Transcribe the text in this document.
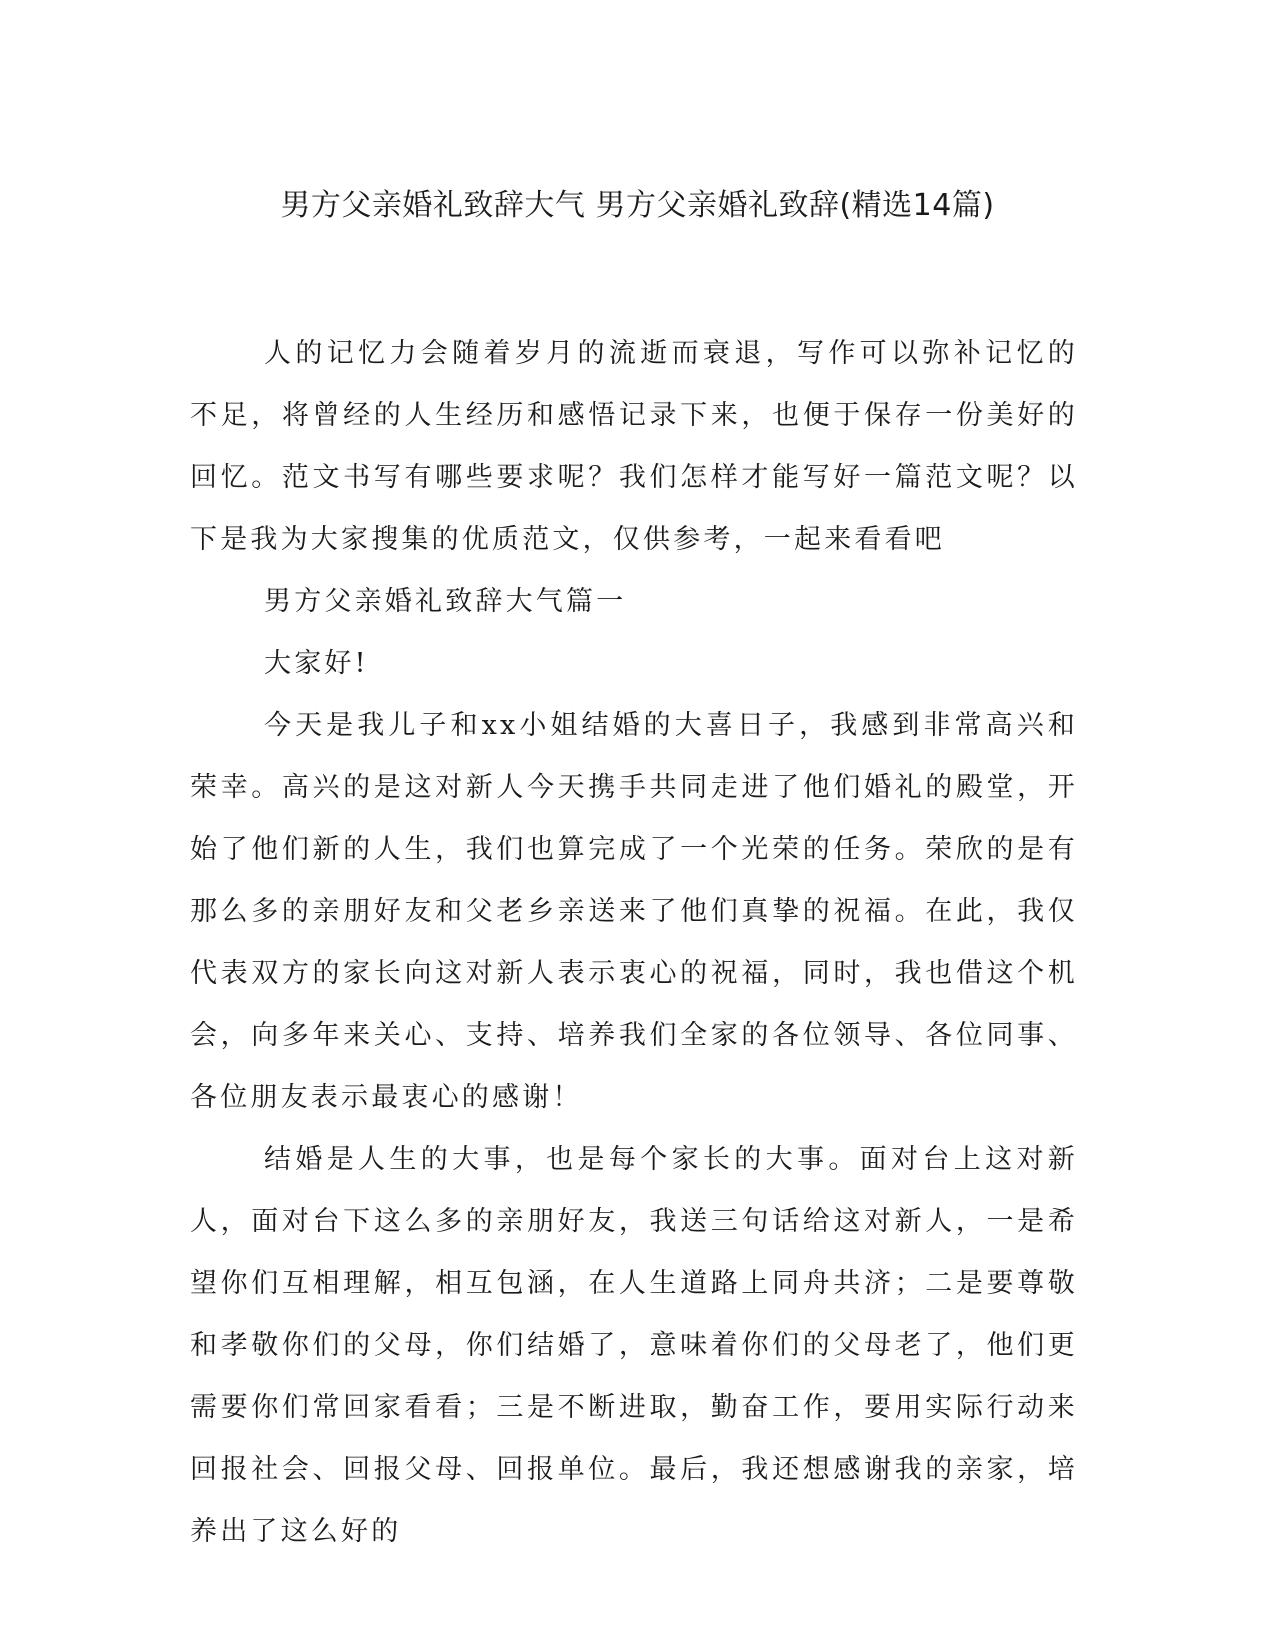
男方父亲婚礼致辞大气 男方父亲婚礼致辞(精选14篇)

人的记忆力会随着岁月的流逝而衰退，写作可以弥补记忆的不足，将曾经的人生经历和感悟记录下来，也便于保存一份美好的回忆。范文书写有哪些要求呢？我们怎样才能写好一篇范文呢？以下是我为大家搜集的优质范文，仅供参考，一起来看看吧

男方父亲婚礼致辞大气篇一

大家好!

今天是我儿子和xx小姐结婚的大喜日子，我感到非常高兴和荣幸。高兴的是这对新人今天携手共同走进了他们婚礼的殿堂，开始了他们新的人生，我们也算完成了一个光荣的任务。荣欣的是有那么多的亲朋好友和父老乡亲送来了他们真挚的祝福。在此，我仅代表双方的家长向这对新人表示衷心的祝福，同时，我也借这个机会，向多年来关心、支持、培养我们全家的各位领导、各位同事、各位朋友表示最衷心的感谢！

结婚是人生的大事，也是每个家长的大事。面对台上这对新人，面对台下这么多的亲朋好友，我送三句话给这对新人，一是希望你们互相理解，相互包涵，在人生道路上同舟共济；二是要尊敬和孝敬你们的父母，你们结婚了，意味着你们的父母老了，他们更需要你们常回家看看；三是不断进取，勤奋工作，要用实际行动来回报社会、回报父母、回报单位。最后，我还想感谢我的亲家，培养出了这么好的
